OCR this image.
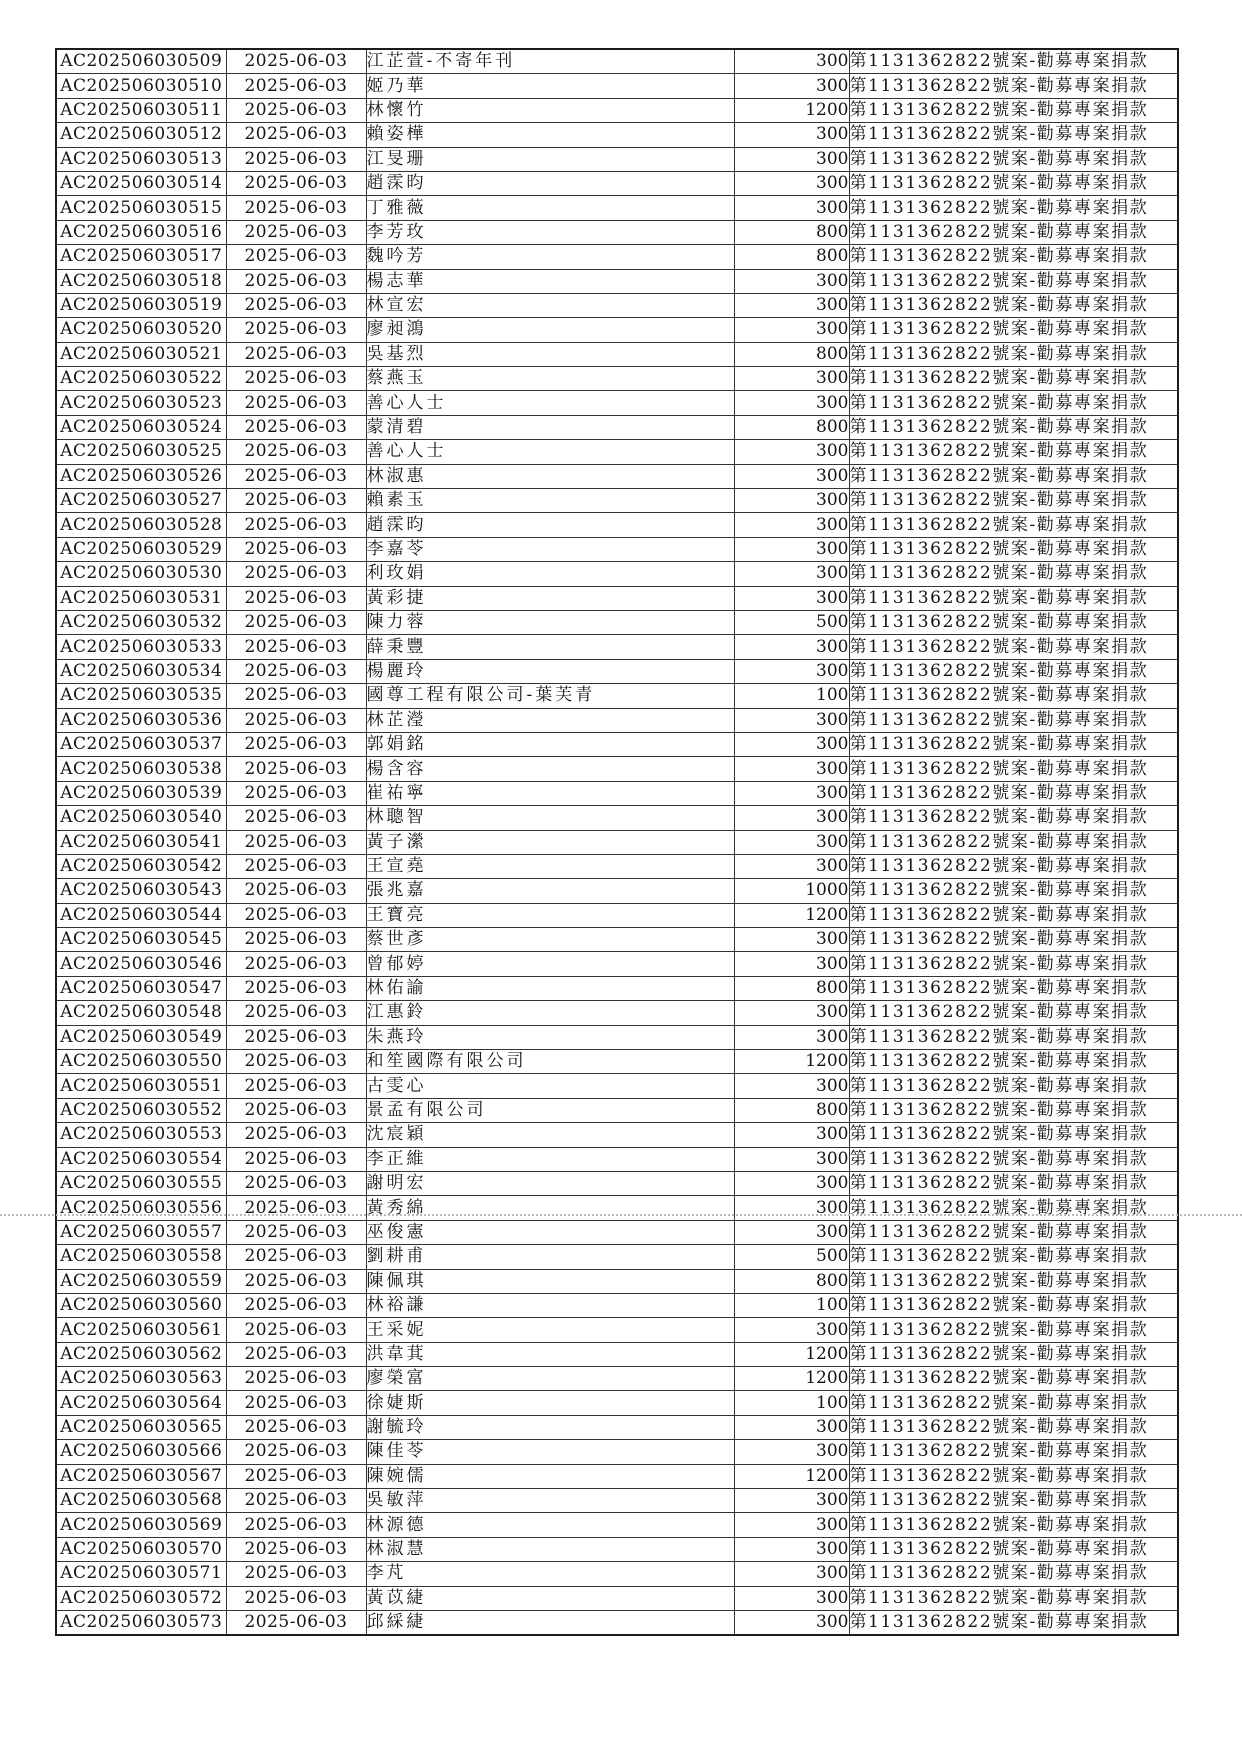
AC202506030509	2025-06-03	江芷萱-不寄年刊	300	第1131362822號案-勸募專案捐款
AC202506030510	2025-06-03	姬乃華	300	第1131362822號案-勸募專案捐款
AC202506030511	2025-06-03	林懷竹	1200	第1131362822號案-勸募專案捐款
AC202506030512	2025-06-03	賴姿樺	300	第1131362822號案-勸募專案捐款
AC202506030513	2025-06-03	江旻珊	300	第1131362822號案-勸募專案捐款
AC202506030514	2025-06-03	趙霂昀	300	第1131362822號案-勸募專案捐款
AC202506030515	2025-06-03	丁雅薇	300	第1131362822號案-勸募專案捐款
AC202506030516	2025-06-03	李芳玫	800	第1131362822號案-勸募專案捐款
AC202506030517	2025-06-03	魏吟芳	800	第1131362822號案-勸募專案捐款
AC202506030518	2025-06-03	楊志華	300	第1131362822號案-勸募專案捐款
AC202506030519	2025-06-03	林宣宏	300	第1131362822號案-勸募專案捐款
AC202506030520	2025-06-03	廖昶鴻	300	第1131362822號案-勸募專案捐款
AC202506030521	2025-06-03	吳基烈	800	第1131362822號案-勸募專案捐款
AC202506030522	2025-06-03	蔡燕玉	300	第1131362822號案-勸募專案捐款
AC202506030523	2025-06-03	善心人士	300	第1131362822號案-勸募專案捐款
AC202506030524	2025-06-03	蒙清碧	800	第1131362822號案-勸募專案捐款
AC202506030525	2025-06-03	善心人士	300	第1131362822號案-勸募專案捐款
AC202506030526	2025-06-03	林淑惠	300	第1131362822號案-勸募專案捐款
AC202506030527	2025-06-03	賴素玉	300	第1131362822號案-勸募專案捐款
AC202506030528	2025-06-03	趙霂昀	300	第1131362822號案-勸募專案捐款
AC202506030529	2025-06-03	李嘉苓	300	第1131362822號案-勸募專案捐款
AC202506030530	2025-06-03	利玫娟	300	第1131362822號案-勸募專案捐款
AC202506030531	2025-06-03	黃彩捷	300	第1131362822號案-勸募專案捐款
AC202506030532	2025-06-03	陳力蓉	500	第1131362822號案-勸募專案捐款
AC202506030533	2025-06-03	薛秉豐	300	第1131362822號案-勸募專案捐款
AC202506030534	2025-06-03	楊麗玲	300	第1131362822號案-勸募專案捐款
AC202506030535	2025-06-03	國尊工程有限公司-葉芙青	100	第1131362822號案-勸募專案捐款
AC202506030536	2025-06-03	林芷瀅	300	第1131362822號案-勸募專案捐款
AC202506030537	2025-06-03	郭娟銘	300	第1131362822號案-勸募專案捐款
AC202506030538	2025-06-03	楊含容	300	第1131362822號案-勸募專案捐款
AC202506030539	2025-06-03	崔祐寧	300	第1131362822號案-勸募專案捐款
AC202506030540	2025-06-03	林聰智	300	第1131362822號案-勸募專案捐款
AC202506030541	2025-06-03	黃子瀠	300	第1131362822號案-勸募專案捐款
AC202506030542	2025-06-03	王宣堯	300	第1131362822號案-勸募專案捐款
AC202506030543	2025-06-03	張兆嘉	1000	第1131362822號案-勸募專案捐款
AC202506030544	2025-06-03	王寶亮	1200	第1131362822號案-勸募專案捐款
AC202506030545	2025-06-03	蔡世彥	300	第1131362822號案-勸募專案捐款
AC202506030546	2025-06-03	曾郁婷	300	第1131362822號案-勸募專案捐款
AC202506030547	2025-06-03	林佑諭	800	第1131362822號案-勸募專案捐款
AC202506030548	2025-06-03	江惠鈴	300	第1131362822號案-勸募專案捐款
AC202506030549	2025-06-03	朱燕玲	300	第1131362822號案-勸募專案捐款
AC202506030550	2025-06-03	和笙國際有限公司	1200	第1131362822號案-勸募專案捐款
AC202506030551	2025-06-03	古雯心	300	第1131362822號案-勸募專案捐款
AC202506030552	2025-06-03	景孟有限公司	800	第1131362822號案-勸募專案捐款
AC202506030553	2025-06-03	沈宸穎	300	第1131362822號案-勸募專案捐款
AC202506030554	2025-06-03	李正維	300	第1131362822號案-勸募專案捐款
AC202506030555	2025-06-03	謝明宏	300	第1131362822號案-勸募專案捐款
AC202506030556	2025-06-03	黃秀綿	300	第1131362822號案-勸募專案捐款
AC202506030557	2025-06-03	巫俊憲	300	第1131362822號案-勸募專案捐款
AC202506030558	2025-06-03	劉耕甫	500	第1131362822號案-勸募專案捐款
AC202506030559	2025-06-03	陳佩琪	800	第1131362822號案-勸募專案捐款
AC202506030560	2025-06-03	林裕謙	100	第1131362822號案-勸募專案捐款
AC202506030561	2025-06-03	王采妮	300	第1131362822號案-勸募專案捐款
AC202506030562	2025-06-03	洪韋萁	1200	第1131362822號案-勸募專案捐款
AC202506030563	2025-06-03	廖榮富	1200	第1131362822號案-勸募專案捐款
AC202506030564	2025-06-03	徐婕斯	100	第1131362822號案-勸募專案捐款
AC202506030565	2025-06-03	謝毓玲	300	第1131362822號案-勸募專案捐款
AC202506030566	2025-06-03	陳佳苓	300	第1131362822號案-勸募專案捐款
AC202506030567	2025-06-03	陳婉儒	1200	第1131362822號案-勸募專案捐款
AC202506030568	2025-06-03	吳敏萍	300	第1131362822號案-勸募專案捐款
AC202506030569	2025-06-03	林源德	300	第1131362822號案-勸募專案捐款
AC202506030570	2025-06-03	林淑慧	300	第1131362822號案-勸募專案捐款
AC202506030571	2025-06-03	李芃	300	第1131362822號案-勸募專案捐款
AC202506030572	2025-06-03	黃苡緁	300	第1131362822號案-勸募專案捐款
AC202506030573	2025-06-03	邱綵緁	300	第1131362822號案-勸募專案捐款
